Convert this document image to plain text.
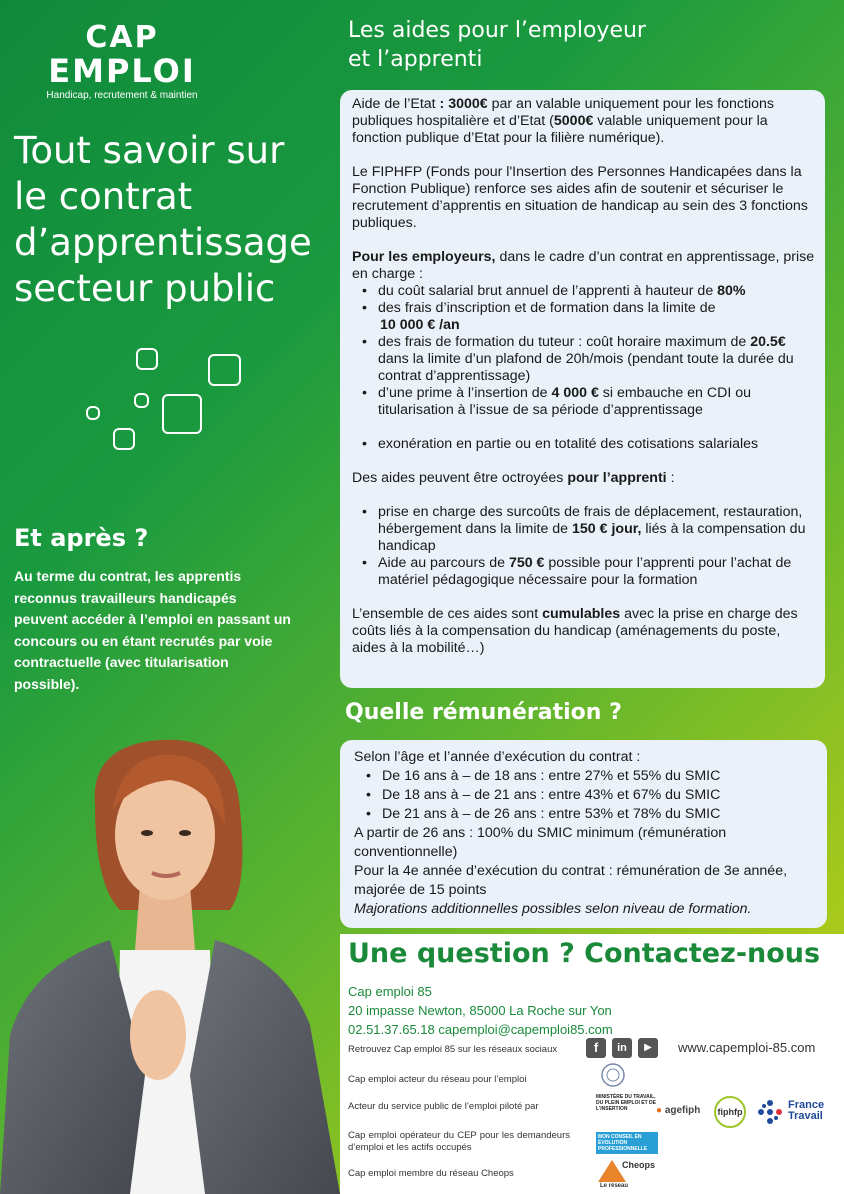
CAP
EMPLOI
Handicap, recrutement & maintien
Tout savoir sur
le contrat
d’apprentissage
secteur public
Et après ?
Au terme du contrat, les apprentis reconnus travailleurs handicapés peuvent accéder à l’emploi en passant un concours ou en étant recrutés par voie contractuelle (avec titularisation possible).
Les aides pour l’employeur
et l’apprenti

Aide de l’Etat : 3000€ par an valable uniquement pour les fonctions publiques hospitalière et d’Etat (5000€ valable uniquement pour la fonction publique d’Etat pour la filière numérique).

Le FIPHFP (Fonds pour l'Insertion des Personnes Handicapées dans la Fonction Publique) renforce ses aides afin de soutenir et sécuriser le recrutement d’apprentis en situation de handicap au sein des 3 fonctions publiques.

Pour les employeurs, dans le cadre d’un contrat en apprentissage, prise en charge :
• du coût salarial brut annuel de l’apprenti à hauteur de 80%
• des frais d’inscription et de formation dans la limite de
10 000 € /an
• des frais de formation du tuteur : coût horaire maximum de 20.5€ dans la limite d’un plafond de 20h/mois (pendant toute la durée du contrat d’apprentissage)
• d’une prime à l’insertion de 4 000 € si embauche en CDI ou titularisation à l’issue de sa période d’apprentissage
• exonération en partie ou en totalité des cotisations salariales

Des aides peuvent être octroyées pour l’apprenti :

• prise en charge des surcoûts de frais de déplacement, restauration, hébergement dans la limite de 150 € jour, liés à la compensation du handicap
• Aide au parcours de 750 € possible pour l’apprenti pour l’achat de matériel pédagogique nécessaire pour la formation

L’ensemble de ces aides sont cumulables avec la prise en charge des coûts liés à la compensation du handicap (aménagements du poste, aides à la mobilité…)

Quelle rémunération ?
Selon l’âge et l’année d’exécution du contrat :
• De 16 ans à – de 18 ans : entre 27% et 55% du SMIC
• De 18 ans à – de 21 ans : entre 43% et 67% du SMIC
• De 21 ans à – de 26 ans : entre 53% et 78% du SMIC
A partir de 26 ans : 100% du SMIC minimum (rémunération conventionnelle)
Pour la 4e année d’exécution du contrat : rémunération de 3e année, majorée de 15 points
Majorations additionnelles possibles selon niveau de formation.
Une question ? Contactez-nous
Cap emploi 85
20 impasse Newton, 85000 La Roche sur Yon
02.51.37.65.18 capemploi@capemploi85.com
Retrouvez Cap emploi 85 sur les réseaux sociaux	f	in	▶	www.capemploi-85.com
Cap emploi acteur du réseau pour l’emploi
Acteur du service public de l’emploi piloté par
MINISTÈRE DU TRAVAIL, DU PLEIN EMPLOI ET DE L'INSERTION	● agefiph	fiphfp
France
Travail
Cap emploi opérateur du CEP pour les demandeurs d’emploi et les actifs occupés
MON CONSEIL EN ÉVOLUTION PROFESSIONNELLE
Cap emploi membre du réseau Cheops
Cheops
Le réseau
